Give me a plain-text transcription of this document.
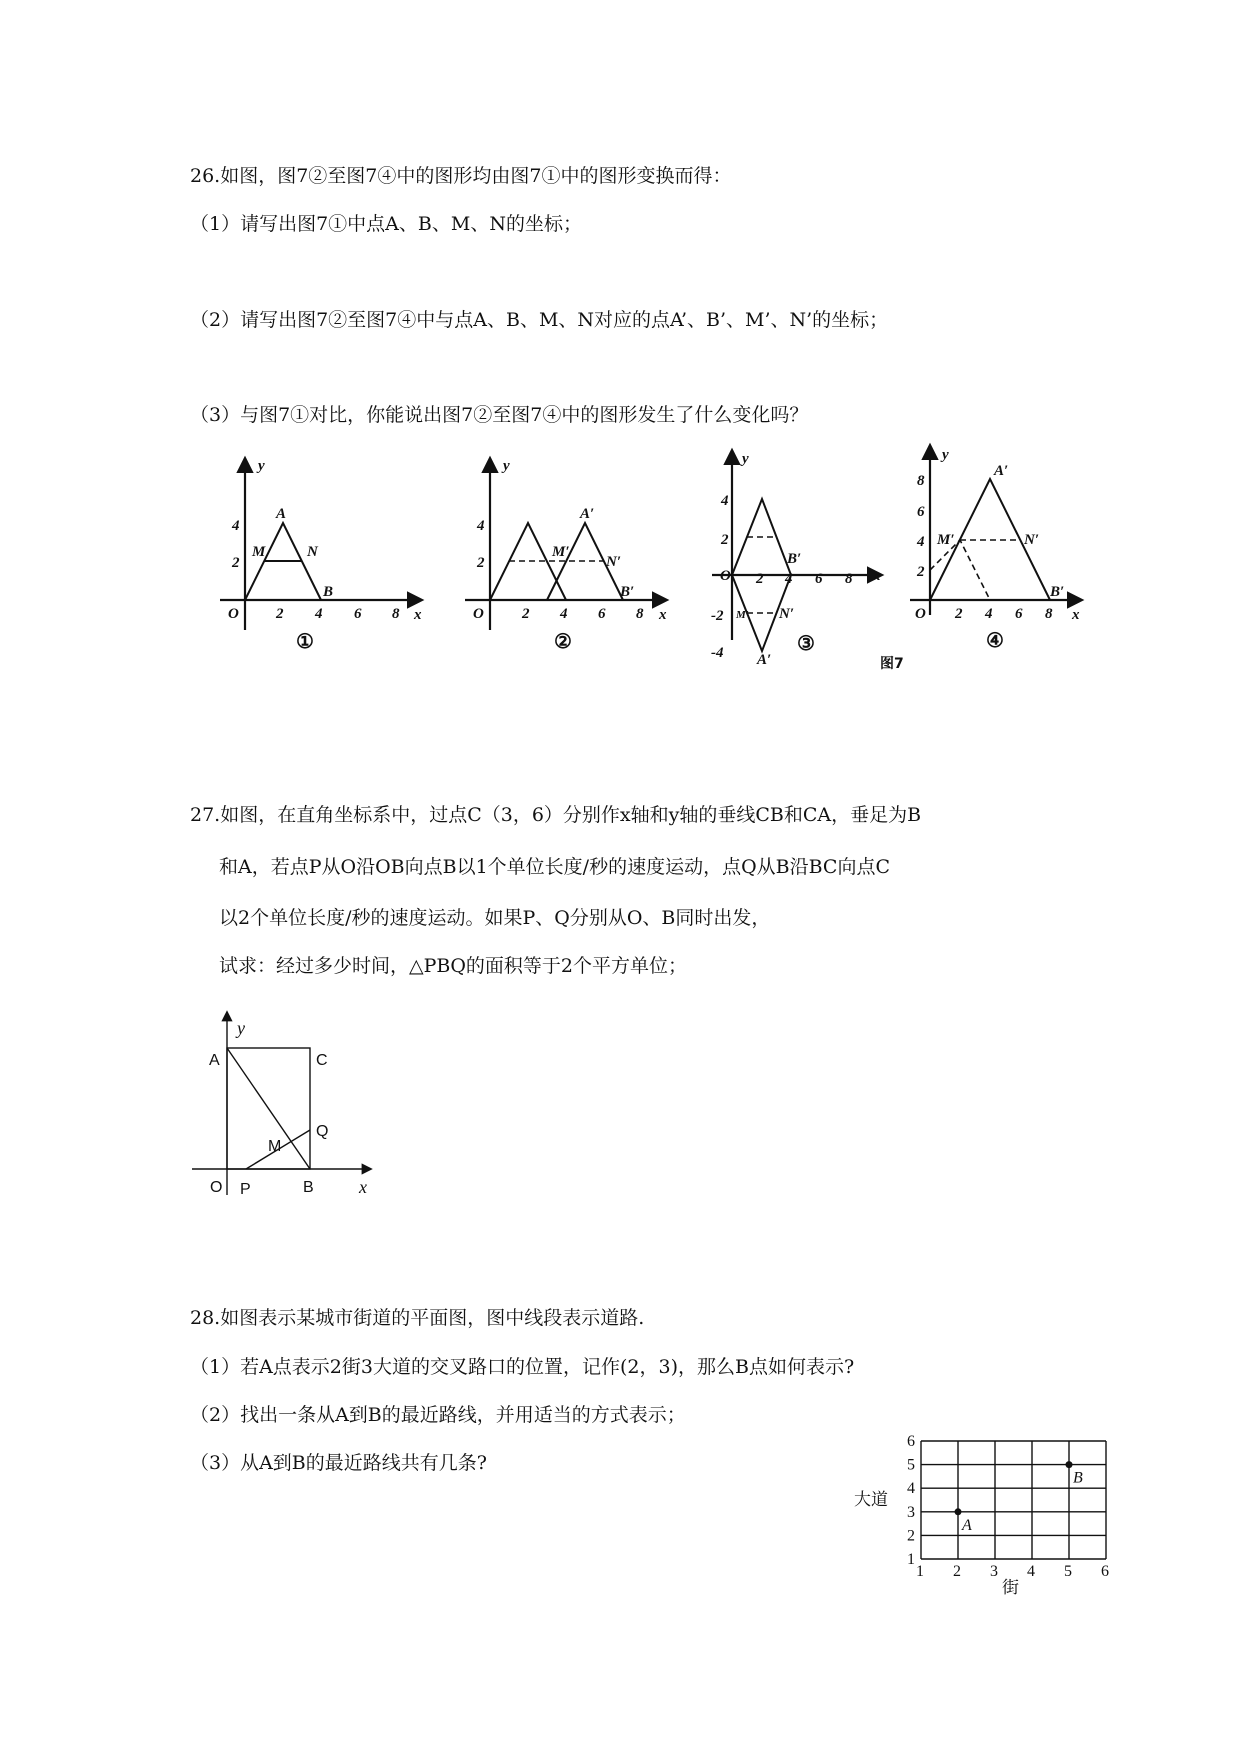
26.如图，图7②至图7④中的图形均由图7①中的图形变换而得：
（1）请写出图7①中点A、B、M、N的坐标；
（2）请写出图7②至图7④中与点A、B、M、N对应的点A’、B’、M’、N’的坐标；
（3）与图7①对比，你能说出图7②至图7④中的图形发生了什么变化吗？
y
x
O
4
2
2 4 6 8
A
M	N
B
①
y
x
O
4
2
2 4 6 8
A′
M′
N′
B′
②
y
x
O
4
2
-2
-4
2 4 6 8
A′
M′ N′
B′
③
y
x
O
8
6
4
2
2 4 6 8
A′
M′	N′
B′
④
图7
27.如图，在直角坐标系中，过点C（3，6）分别作x轴和y轴的垂线CB和CA，垂足为B
和A，若点P从O沿OB向点B以1个单位长度/秒的速度运动，点Q从B沿BC向点C
以2个单位长度/秒的速度运动。如果P、Q分别从O、B同时出发，
试求：经过多少时间，△PBQ的面积等于2个平方单位；
A	C
Q
M
O P	B	x
y
28.如图表示某城市街道的平面图，图中线段表示道路.
（1）若A点表示2街3大道的交叉路口的位置，记作(2，3)，那么B点如何表示?
（2）找出一条从A到B的最近路线，并用适当的方式表示；
（3）从A到B的最近路线共有几条?
1
1
2
2
3
3
4
4
5
5
6
6
大道
街
A
B
